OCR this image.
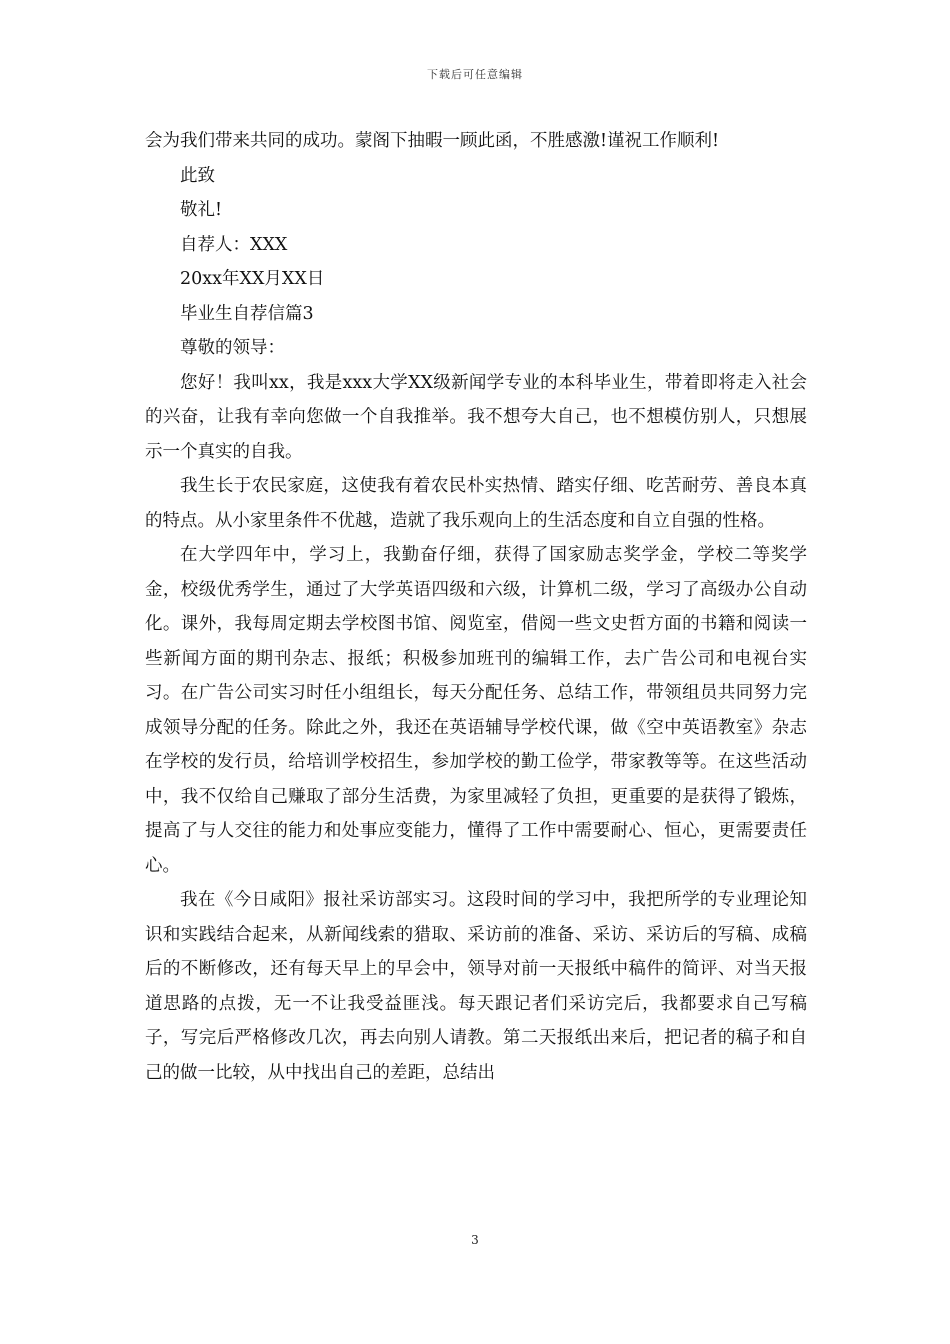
下载后可任意编辑

会为我们带来共同的成功。蒙阁下抽暇一顾此函，不胜感激!谨祝工作顺利!

此致

敬礼!

自荐人：XXX

20xx年XX月XX日

毕业生自荐信篇3

尊敬的领导：

您好！我叫xx，我是xxx大学XX级新闻学专业的本科毕业生，带着即将走入社会的兴奋，让我有幸向您做一个自我推举。我不想夸大自己，也不想模仿别人，只想展示一个真实的自我。

我生长于农民家庭，这使我有着农民朴实热情、踏实仔细、吃苦耐劳、善良本真的特点。从小家里条件不优越，造就了我乐观向上的生活态度和自立自强的性格。

在大学四年中，学习上，我勤奋仔细，获得了国家励志奖学金，学校二等奖学金，校级优秀学生，通过了大学英语四级和六级，计算机二级，学习了高级办公自动化。课外，我每周定期去学校图书馆、阅览室，借阅一些文史哲方面的书籍和阅读一些新闻方面的期刊杂志、报纸；积极参加班刊的编辑工作，去广告公司和电视台实习。在广告公司实习时任小组组长，每天分配任务、总结工作，带领组员共同努力完成领导分配的任务。除此之外，我还在英语辅导学校代课，做《空中英语教室》杂志在学校的发行员，给培训学校招生，参加学校的勤工俭学，带家教等等。在这些活动中，我不仅给自己赚取了部分生活费，为家里减轻了负担，更重要的是获得了锻炼，提高了与人交往的能力和处事应变能力，懂得了工作中需要耐心、恒心，更需要责任心。

我在《今日咸阳》报社采访部实习。这段时间的学习中，我把所学的专业理论知识和实践结合起来，从新闻线索的猎取、采访前的准备、采访、采访后的写稿、成稿后的不断修改，还有每天早上的早会中，领导对前一天报纸中稿件的简评、对当天报道思路的点拨，无一不让我受益匪浅。每天跟记者们采访完后，我都要求自己写稿子，写完后严格修改几次，再去向别人请教。第二天报纸出来后，把记者的稿子和自己的做一比较，从中找出自己的差距，总结出

3
